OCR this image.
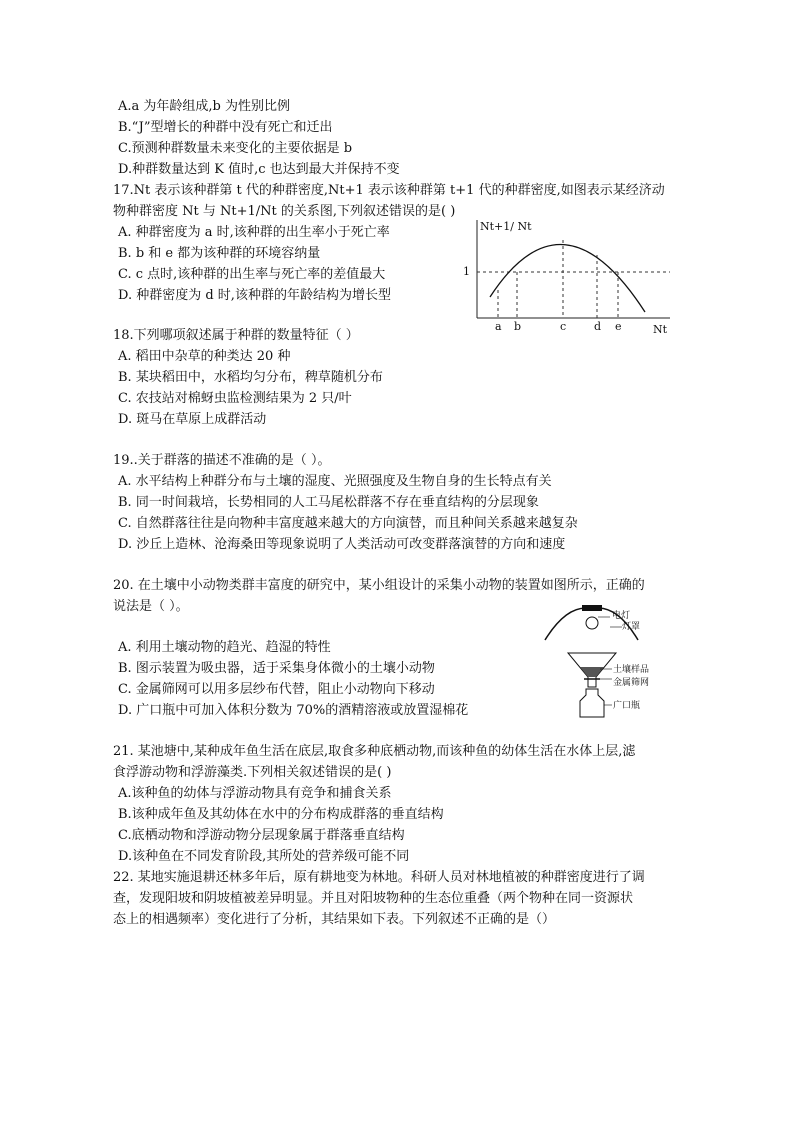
A.a 为年龄组成,b 为性别比例
B.“J”型增长的种群中没有死亡和迁出
C.预测种群数量未来变化的主要依据是 b
D.种群数量达到 K 值时,c 也达到最大并保持不变
17.Nt 表示该种群第 t 代的种群密度,Nt+1 表示该种群第 t+1 代的种群密度,如图表示某经济动
物种群密度 Nt 与 Nt+1/Nt 的关系图,下列叙述错误的是( )
A. 种群密度为 a 时,该种群的出生率小于死亡率
B. b 和 e 都为该种群的环境容纳量
C. c 点时,该种群的出生率与死亡率的差值最大
D. 种群密度为 d 时,该种群的年龄结构为增长型
Nt+1/ Nt
1
a b	c	d e	Nt
18.下列哪项叙述属于种群的数量特征（ ）
A. 稻田中杂草的种类达 20 种
B. 某块稻田中，水稻均匀分布，稗草随机分布
C. 农技站对棉蚜虫监检测结果为 2 只/叶
D. 斑马在草原上成群活动
19..关于群落的描述不准确的是（ ）。
A. 水平结构上种群分布与土壤的湿度、光照强度及生物自身的生长特点有关
B. 同一时间栽培，长势相同的人工马尾松群落不存在垂直结构的分层现象
C. 自然群落往往是向物种丰富度越来越大的方向演替，而且种间关系越来越复杂
D. 沙丘上造林、沧海桑田等现象说明了人类活动可改变群落演替的方向和速度
20. 在土壤中小动物类群丰富度的研究中，某小组设计的采集小动物的装置如图所示，正确的
说法是（ ）。
A. 利用土壤动物的趋光、趋湿的特性
B. 图示装置为吸虫器，适于采集身体微小的土壤小动物
C. 金属筛网可以用多层纱布代替，阻止小动物向下移动
D. 广口瓶中可加入体积分数为 70%的酒精溶液或放置湿棉花
电灯
灯罩
土壤样品
金属筛网
广口瓶
21. 某池塘中,某种成年鱼生活在底层,取食多种底栖动物,而该种鱼的幼体生活在水体上层,滤
食浮游动物和浮游藻类.下列相关叙述错误的是( )
A.该种鱼的幼体与浮游动物具有竞争和捕食关系
B.该种成年鱼及其幼体在水中的分布构成群落的垂直结构
C.底栖动物和浮游动物分层现象属于群落垂直结构
D.该种鱼在不同发育阶段,其所处的营养级可能不同
22. 某地实施退耕还林多年后，原有耕地变为林地。科研人员对林地植被的种群密度进行了调
查，发现阳坡和阴坡植被差异明显。并且对阳坡物种的生态位重叠（两个物种在同一资源状
态上的相遇频率）变化进行了分析，其结果如下表。下列叙述不正确的是（）
